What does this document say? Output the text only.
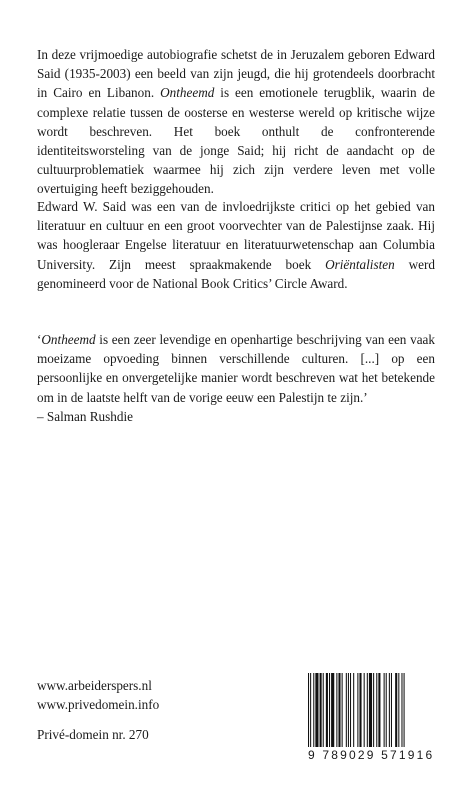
In deze vrijmoedige autobiografie schetst de in Jeruzalem geboren Edward Said (1935-2003) een beeld van zijn jeugd, die hij grotendeels doorbracht in Cairo en Libanon. Ontheemd is een emotionele terugblik, waarin de complexe relatie tussen de oosterse en westerse wereld op kritische wijze wordt beschreven. Het boek onthult de confronterende identiteitsworsteling van de jonge Said; hij richt de aandacht op de cultuurproblematiek waarmee hij zich zijn verdere leven met volle overtuiging heeft beziggehouden.

Edward W. Said was een van de invloedrijkste critici op het gebied van literatuur en cultuur en een groot voorvechter van de Palestijnse zaak. Hij was hoogleraar Engelse literatuur en literatuurwetenschap aan Columbia University. Zijn meest spraakmakende boek Oriëntalisten werd genomineerd voor de National Book Critics’ Circle Award.

‘Ontheemd is een zeer levendige en openhartige beschrijving van een vaak moeizame opvoeding binnen verschillende culturen. [...] op een persoonlijke en onvergetelijke manier wordt beschreven wat het betekende om in de laatste helft van de vorige eeuw een Palestijn te zijn.’
– Salman Rushdie

www.arbeiderspers.nl
www.privedomein.info
Privé-domein nr. 270
9 789029 571916
